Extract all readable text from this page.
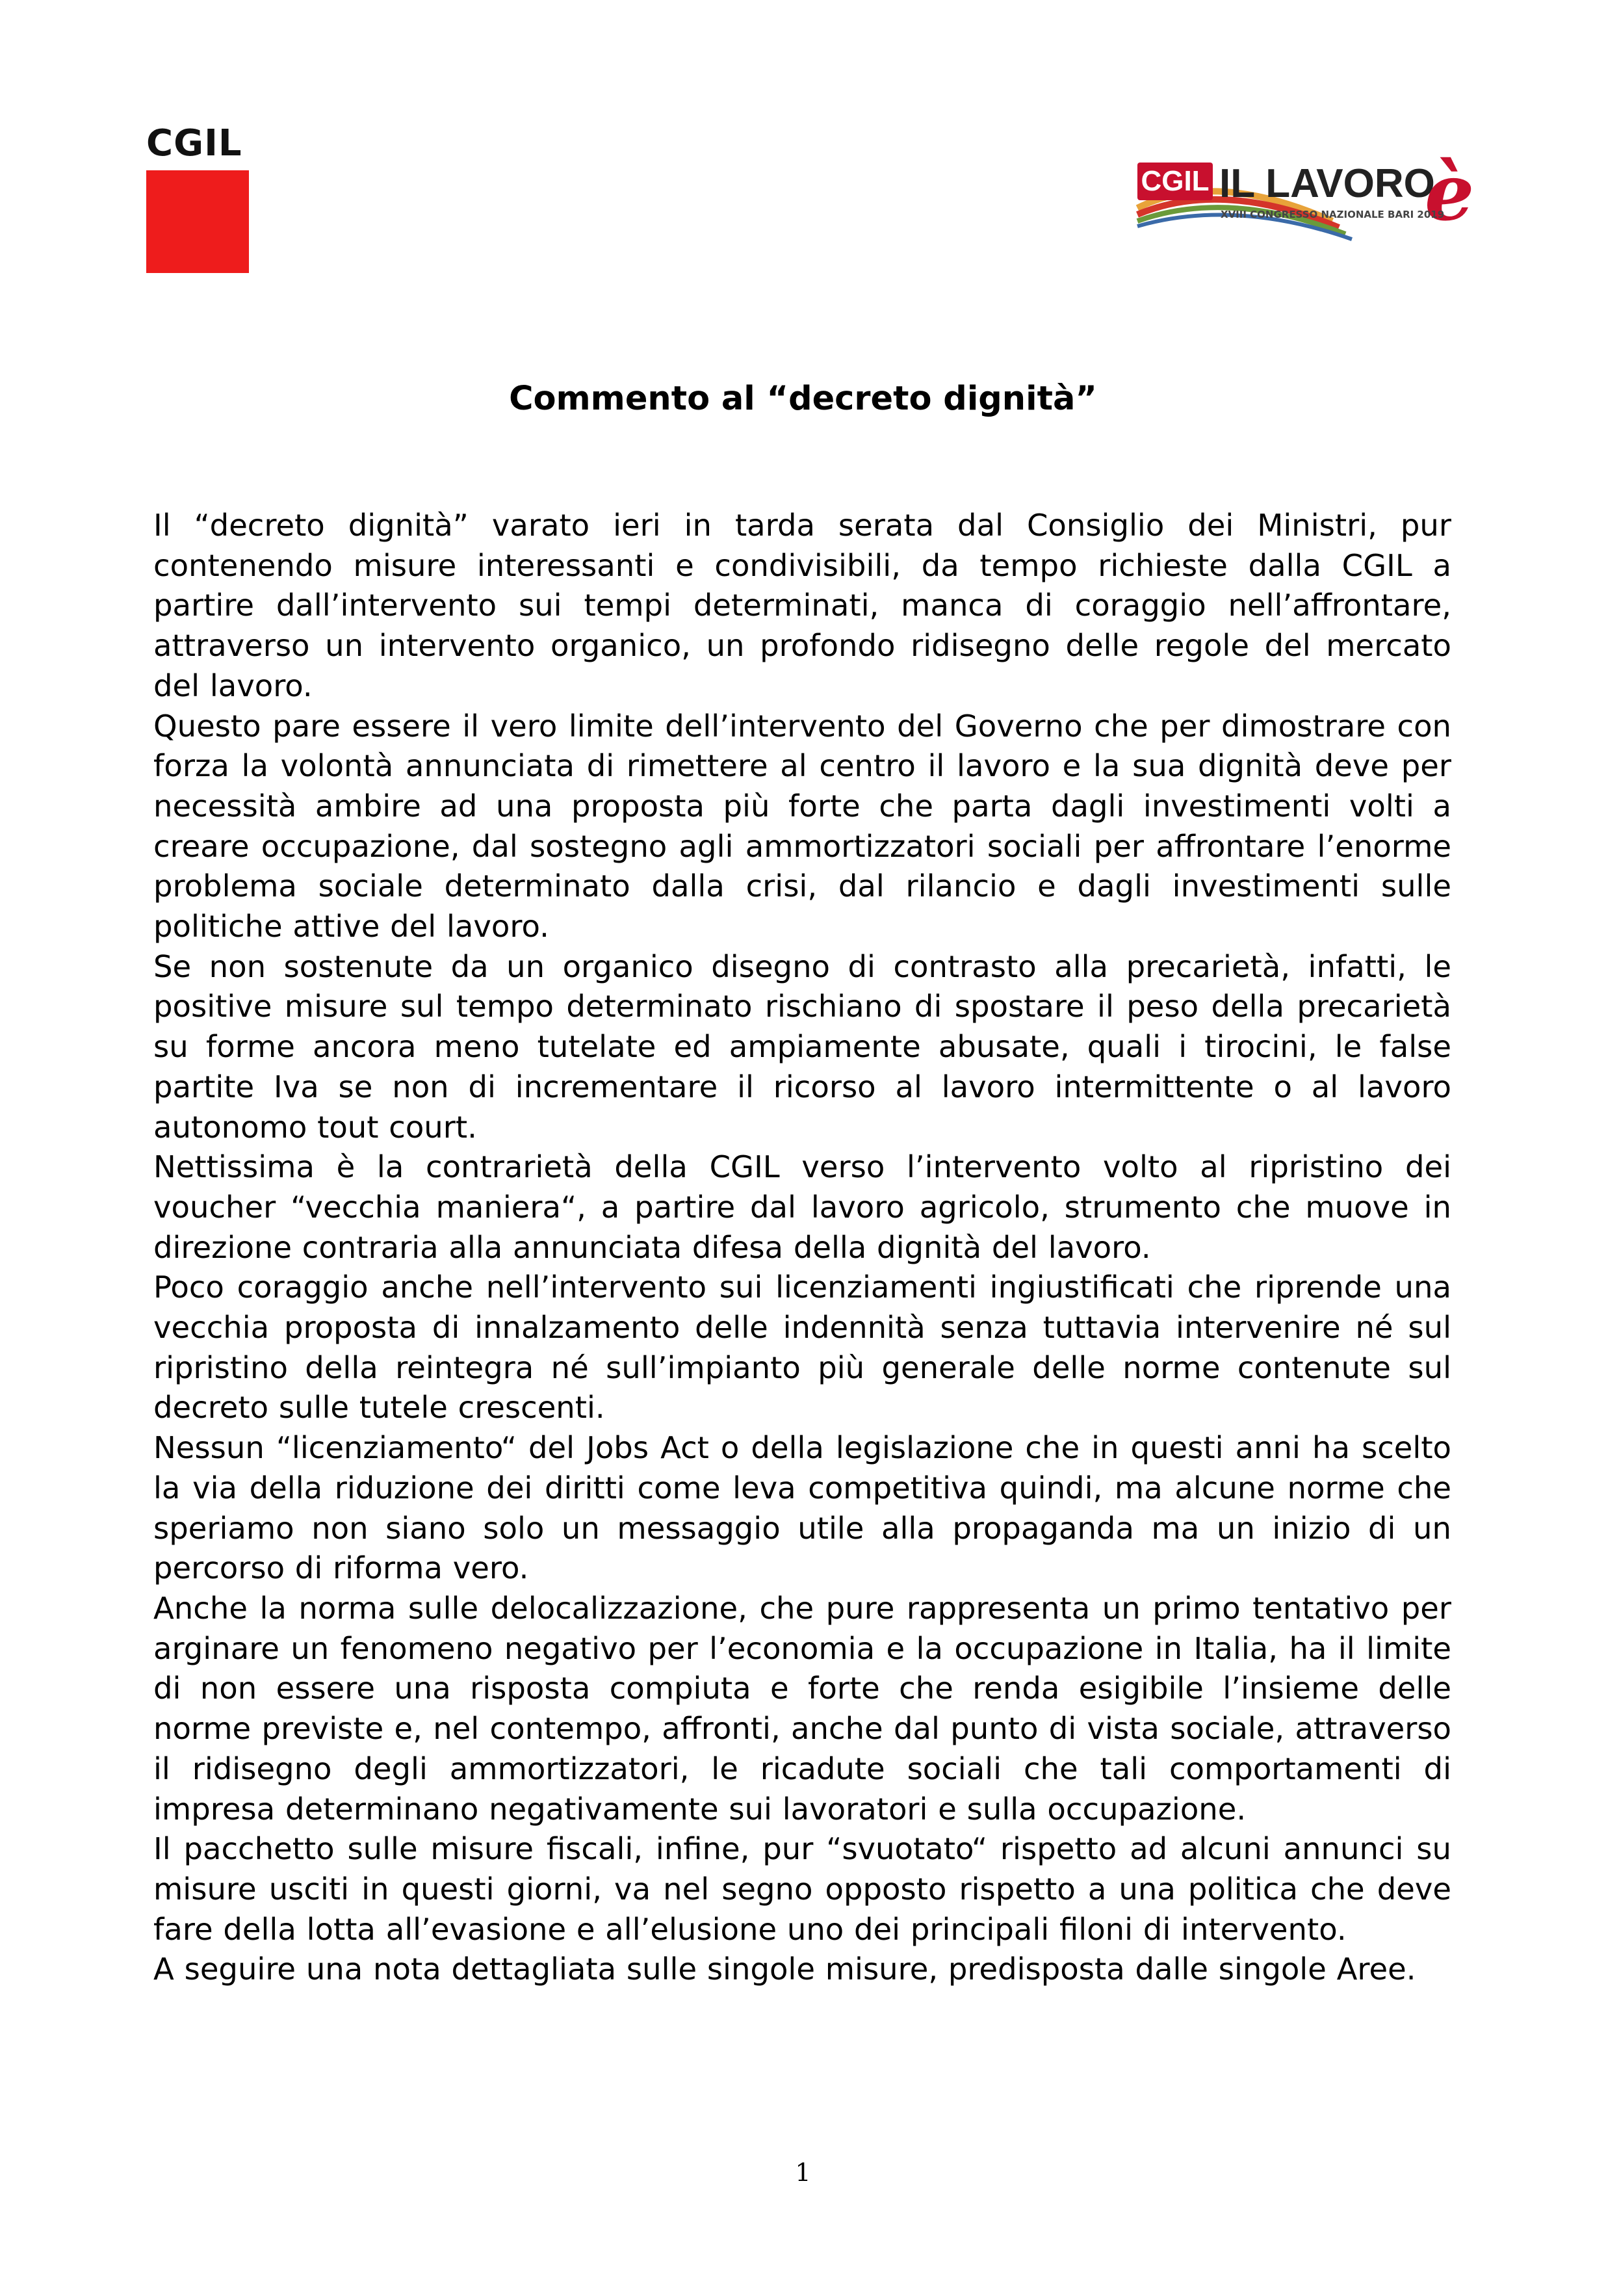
CGIL
CGIL IL LAVORO
è
XVIII CONGRESSO NAZIONALE BARI 2019
Commento al “decreto dignità”

Il “decreto dignità” varato ieri in tarda serata dal Consiglio dei Ministri, pur contenendo misure interessanti e condivisibili, da tempo richieste dalla CGIL a partire dall’intervento sui tempi determinati, manca di coraggio nell’affrontare, attraverso un intervento organico, un profondo ridisegno delle regole del mercato del lavoro.

Questo pare essere il vero limite dell’intervento del Governo che per dimostrare con forza la volontà annunciata di rimettere al centro il lavoro e la sua dignità deve per necessità ambire ad una proposta più forte che parta dagli investimenti volti a creare occupazione, dal sostegno agli ammortizzatori sociali per affrontare l’enorme problema sociale determinato dalla crisi, dal rilancio e dagli investimenti sulle politiche attive del lavoro.

Se non sostenute da un organico disegno di contrasto alla precarietà, infatti, le positive misure sul tempo determinato rischiano di spostare il peso della precarietà su forme ancora meno tutelate ed ampiamente abusate, quali i tirocini, le false partite Iva se non di incrementare il ricorso al lavoro intermittente o al lavoro autonomo tout court.

Nettissima è la contrarietà della CGIL verso l’intervento volto al ripristino dei voucher “vecchia maniera“, a partire dal lavoro agricolo, strumento che muove in direzione contraria alla annunciata difesa della dignità del lavoro.

Poco coraggio anche nell’intervento sui licenziamenti ingiustificati che riprende una vecchia proposta di innalzamento delle indennità senza tuttavia intervenire né sul ripristino della reintegra né sull’impianto più generale delle norme contenute sul decreto sulle tutele crescenti.

Nessun “licenziamento“ del Jobs Act o della legislazione che in questi anni ha scelto la via della riduzione dei diritti come leva competitiva quindi, ma alcune norme che speriamo non siano solo un messaggio utile alla propaganda ma un inizio di un percorso di riforma vero.

Anche la norma sulle delocalizzazione, che pure rappresenta un primo tentativo per arginare un fenomeno negativo per l’economia e la occupazione in Italia, ha il limite di non essere una risposta compiuta e forte che renda esigibile l’insieme delle norme previste e, nel contempo, affronti, anche dal punto di vista sociale, attraverso il ridisegno degli ammortizzatori, le ricadute sociali che tali comportamenti di impresa determinano negativamente sui lavoratori e sulla occupazione.

Il pacchetto sulle misure fiscali, infine, pur “svuotato“ rispetto ad alcuni annunci su misure usciti in questi giorni, va nel segno opposto rispetto a una politica che deve fare della lotta all’evasione e all’elusione uno dei principali filoni di intervento.

A seguire una nota dettagliata sulle singole misure, predisposta dalle singole Aree.

1
